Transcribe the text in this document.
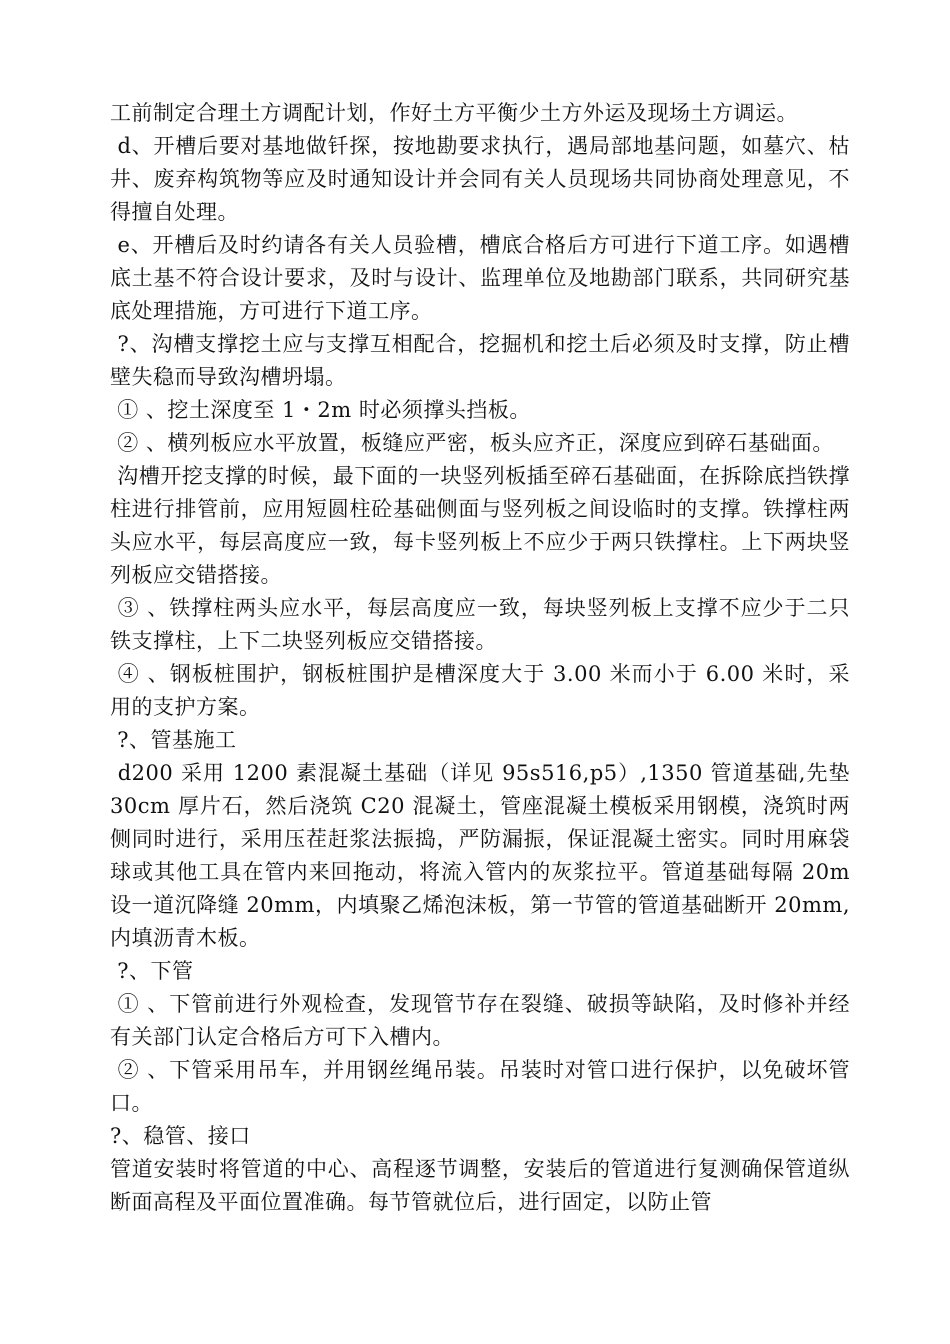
工前制定合理土方调配计划，作好土方平衡少土方外运及现场土方调运。

d、开槽后要对基地做钎探，按地勘要求执行，遇局部地基问题，如墓穴、枯井、废弃构筑物等应及时通知设计并会同有关人员现场共同协商处理意见，不得擅自处理。

e、开槽后及时约请各有关人员验槽，槽底合格后方可进行下道工序。如遇槽底土基不符合设计要求，及时与设计、监理单位及地勘部门联系，共同研究基底处理措施，方可进行下道工序。

?、沟槽支撑挖土应与支撑互相配合，挖掘机和挖土后必须及时支撑，防止槽壁失稳而导致沟槽坍塌。

① 、挖土深度至 1・2m 时必须撑头挡板。

② 、横列板应水平放置，板缝应严密，板头应齐正，深度应到碎石基础面。

沟槽开挖支撑的时候，最下面的一块竖列板插至碎石基础面，在拆除底挡铁撑柱进行排管前，应用短圆柱砼基础侧面与竖列板之间设临时的支撑。铁撑柱两头应水平，每层高度应一致，每卡竖列板上不应少于两只铁撑柱。上下两块竖列板应交错搭接。

③ 、铁撑柱两头应水平，每层高度应一致，每块竖列板上支撑不应少于二只铁支撑柱，上下二块竖列板应交错搭接。

④ 、钢板桩围护，钢板桩围护是槽深度大于 3.00 米而小于 6.00 米时，采用的支护方案。

?、管基施工

d200 采用 1200 素混凝土基础（详见 95s516,p5）,1350 管道基础,先垫 30cm 厚片石，然后浇筑 C20 混凝土，管座混凝土模板采用钢模，浇筑时两侧同时进行，采用压茬赶浆法振捣，严防漏振，保证混凝土密实。同时用麻袋球或其他工具在管内来回拖动，将流入管内的灰浆拉平。管道基础每隔 20m 设一道沉降缝 20mm，内填聚乙烯泡沫板，第一节管的管道基础断开 20mm,内填沥青木板。

?、下管

① 、下管前进行外观检查，发现管节存在裂缝、破损等缺陷，及时修补并经有关部门认定合格后方可下入槽内。

② 、下管采用吊车，并用钢丝绳吊装。吊装时对管口进行保护，以免破坏管口。

?、稳管、接口

管道安装时将管道的中心、高程逐节调整，安装后的管道进行复测确保管道纵断面高程及平面位置准确。每节管就位后，进行固定，以防止管
